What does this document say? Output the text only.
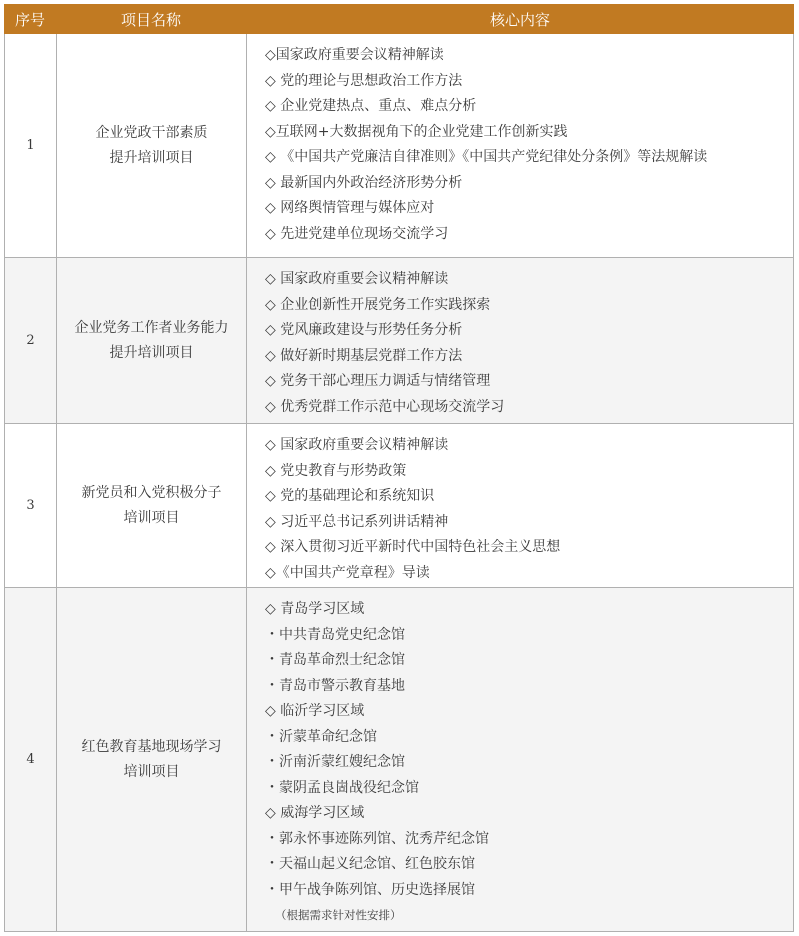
序号	项目名称	核心内容
1
企业党政干部素质
提升培训项目
◇国家政府重要会议精神解读
◇ 党的理论与思想政治工作方法
◇ 企业党建热点、重点、难点分析
◇互联网+大数据视角下的企业党建工作创新实践
◇ 《中国共产党廉洁自律准则》《中国共产党纪律处分条例》等法规解读
◇ 最新国内外政治经济形势分析
◇ 网络舆情管理与媒体应对
◇ 先进党建单位现场交流学习
2
企业党务工作者业务能力
提升培训项目
◇ 国家政府重要会议精神解读
◇ 企业创新性开展党务工作实践探索
◇ 党风廉政建设与形势任务分析
◇ 做好新时期基层党群工作方法
◇ 党务干部心理压力调适与情绪管理
◇ 优秀党群工作示范中心现场交流学习
3
新党员和入党积极分子
培训项目
◇ 国家政府重要会议精神解读
◇ 党史教育与形势政策
◇ 党的基础理论和系统知识
◇ 习近平总书记系列讲话精神
◇ 深入贯彻习近平新时代中国特色社会主义思想
◇《中国共产党章程》导读
4
红色教育基地现场学习
培训项目
◇ 青岛学习区域
・中共青岛党史纪念馆
・青岛革命烈士纪念馆
・青岛市警示教育基地
◇ 临沂学习区域
・沂蒙革命纪念馆
・沂南沂蒙红嫂纪念馆
・蒙阴孟良崮战役纪念馆
◇ 威海学习区域
・郭永怀事迹陈列馆、沈秀芹纪念馆
・天福山起义纪念馆、红色胶东馆
・甲午战争陈列馆、历史选择展馆
（根据需求针对性安排）
